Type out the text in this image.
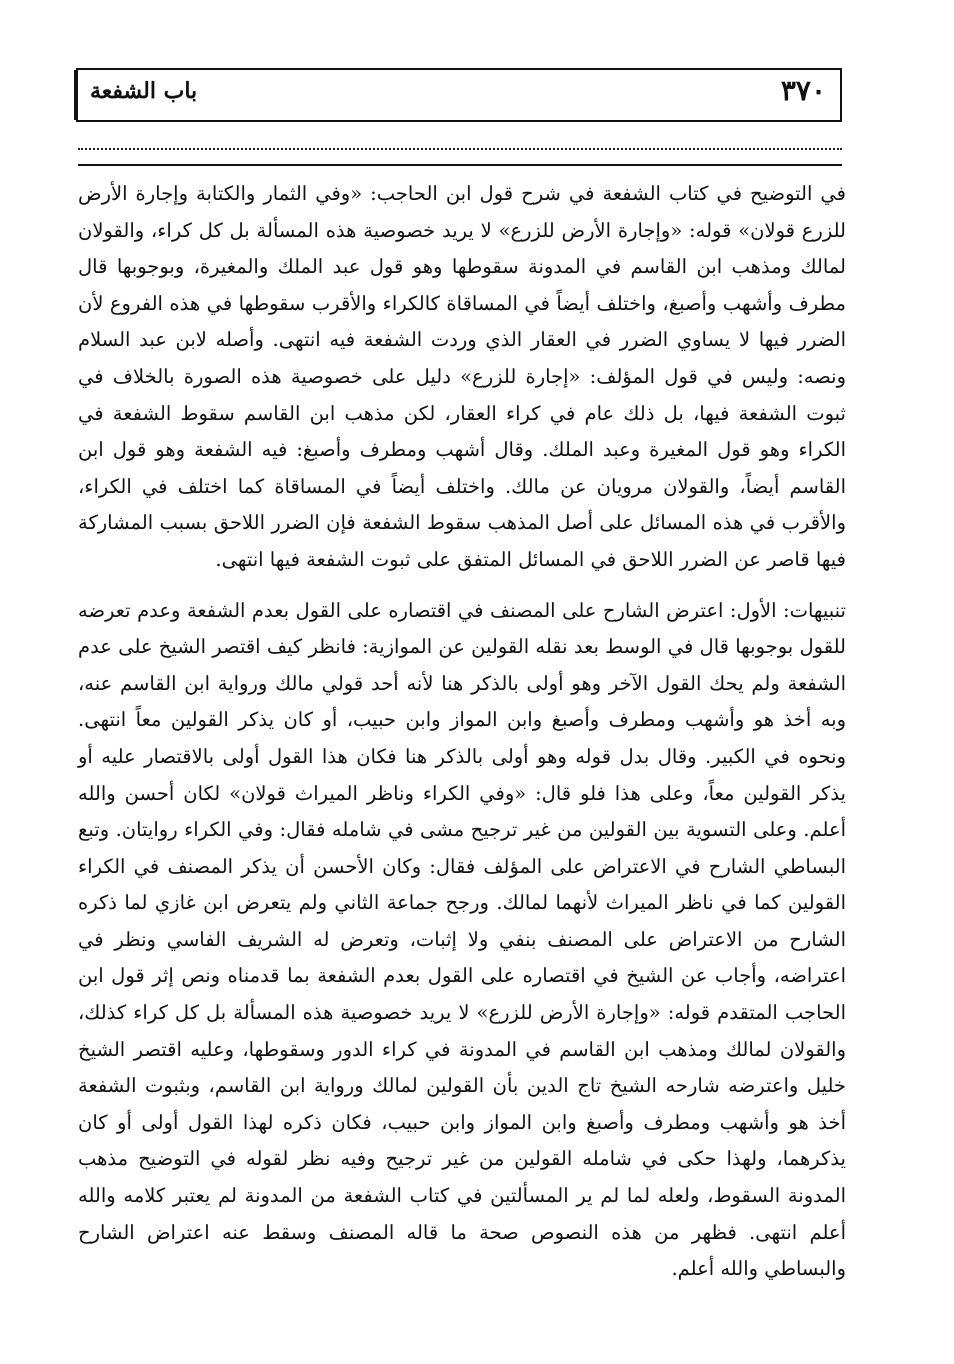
باب الشفعة	٣٧٠

في التوضيح في كتاب الشفعة في شرح قول ابن الحاجب: «وفي الثمار والكتابة وإجارة الأرض للزرع قولان» قوله: «وإجارة الأرض للزرع» لا يريد خصوصية هذه المسألة بل كل كراء، والقولان لمالك ومذهب ابن القاسم في المدونة سقوطها وهو قول عبد الملك والمغيرة، وبوجوبها قال مطرف وأشهب وأصبغ، واختلف أيضاً في المساقاة كالكراء والأقرب سقوطها في هذه الفروع لأن الضرر فيها لا يساوي الضرر في العقار الذي وردت الشفعة فيه انتهى. وأصله لابن عبد السلام ونصه: وليس في قول المؤلف: «إجارة للزرع» دليل على خصوصية هذه الصورة بالخلاف في ثبوت الشفعة فيها، بل ذلك عام في كراء العقار، لكن مذهب ابن القاسم سقوط الشفعة في الكراء وهو قول المغيرة وعبد الملك. وقال أشهب ومطرف وأصبغ: فيه الشفعة وهو قول ابن القاسم أيضاً، والقولان مرويان عن مالك. واختلف أيضاً في المساقاة كما اختلف في الكراء، والأقرب في هذه المسائل على أصل المذهب سقوط الشفعة فإن الضرر اللاحق بسبب المشاركة فيها قاصر عن الضرر اللاحق في المسائل المتفق على ثبوت الشفعة فيها انتهى.

تنبيهات: الأول: اعترض الشارح على المصنف في اقتصاره على القول بعدم الشفعة وعدم تعرضه للقول بوجوبها قال في الوسط بعد نقله القولين عن الموازية: فانظر كيف اقتصر الشيخ على عدم الشفعة ولم يحك القول الآخر وهو أولى بالذكر هنا لأنه أحد قولي مالك ورواية ابن القاسم عنه، وبه أخذ هو وأشهب ومطرف وأصبغ وابن المواز وابن حبيب، أو كان يذكر القولين معاً انتهى. ونحوه في الكبير. وقال بدل قوله وهو أولى بالذكر هنا فكان هذا القول أولى بالاقتصار عليه أو يذكر القولين معاً، وعلى هذا فلو قال: «وفي الكراء وناظر الميراث قولان» لكان أحسن والله أعلم. وعلى التسوية بين القولين من غير ترجيح مشى في شامله فقال: وفي الكراء روايتان. وتبع البساطي الشارح في الاعتراض على المؤلف فقال: وكان الأحسن أن يذكر المصنف في الكراء القولين كما في ناظر الميراث لأنهما لمالك. ورجح جماعة الثاني ولم يتعرض ابن غازي لما ذكره الشارح من الاعتراض على المصنف بنفي ولا إثبات، وتعرض له الشريف الفاسي ونظر في اعتراضه، وأجاب عن الشيخ في اقتصاره على القول بعدم الشفعة بما قدمناه ونص إثر قول ابن الحاجب المتقدم قوله: «وإجارة الأرض للزرع» لا يريد خصوصية هذه المسألة بل كل كراء كذلك، والقولان لمالك ومذهب ابن القاسم في المدونة في كراء الدور وسقوطها، وعليه اقتصر الشيخ خليل واعترضه شارحه الشيخ تاج الدين بأن القولين لمالك ورواية ابن القاسم، وبثبوت الشفعة أخذ هو وأشهب ومطرف وأصبغ وابن المواز وابن حبيب، فكان ذكره لهذا القول أولى أو كان يذكرهما، ولهذا حكى في شامله القولين من غير ترجيح وفيه نظر لقوله في التوضيح مذهب المدونة السقوط، ولعله لما لم ير المسألتين في كتاب الشفعة من المدونة لم يعتبر كلامه والله أعلم انتهى. فظهر من هذه النصوص صحة ما قاله المصنف وسقط عنه اعتراض الشارح والبساطي والله أعلم.
